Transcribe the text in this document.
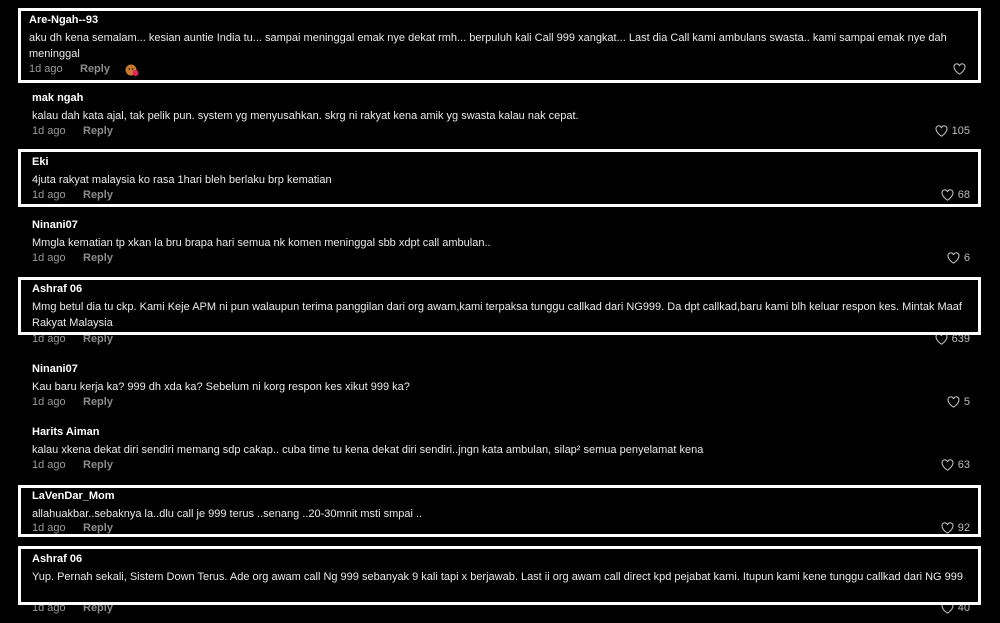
Are-Ngah--93
aku dh kena semalam... kesian auntie India tu... sampai meninggal emak nye dekat rmh... berpuluh kali Call 999 xangkat... Last dia Call kami ambulans swasta.. kami sampai emak nye dah meninggal
1d ago Reply
mak ngah
kalau dah kata ajal, tak pelik pun. system yg menyusahkan. skrg ni rakyat kena amik yg swasta kalau nak cepat.
1d ago Reply	105
Eki
4juta rakyat malaysia ko rasa 1hari bleh berlaku brp kematian
1d ago Reply	68
Ninani07
Mmgla kematian tp xkan la bru brapa hari semua nk komen meninggal sbb xdpt call ambulan..
1d ago Reply	6
Ashraf 06
Mmg betul dia tu ckp. Kami Keje APM ni pun walaupun terima panggilan dari org awam,kami terpaksa tunggu callkad dari NG999. Da dpt callkad,baru kami blh keluar respon kes. Mintak Maaf Rakyat Malaysia
1d ago Reply	639
Ninani07
Kau baru kerja ka? 999 dh xda ka? Sebelum ni korg respon kes xikut 999 ka?
1d ago Reply	5
Harits Aiman
kalau xkena dekat diri sendiri memang sdp cakap.. cuba time tu kena dekat diri sendiri..jngn kata ambulan, silap² semua penyelamat kena
1d ago Reply	63
LaVenDar_Mom
allahuakbar..sebaknya la..dlu call je 999 terus ..senang ..20-30mnit msti smpai ..
1d ago Reply	92
Ashraf 06
Yup. Pernah sekali, Sistem Down Terus. Ade org awam call Ng 999 sebanyak 9 kali tapi x berjawab. Last ii org awam call direct kpd pejabat kami. Itupun kami kene tunggu callkad dari NG 999
1d ago Reply	40
